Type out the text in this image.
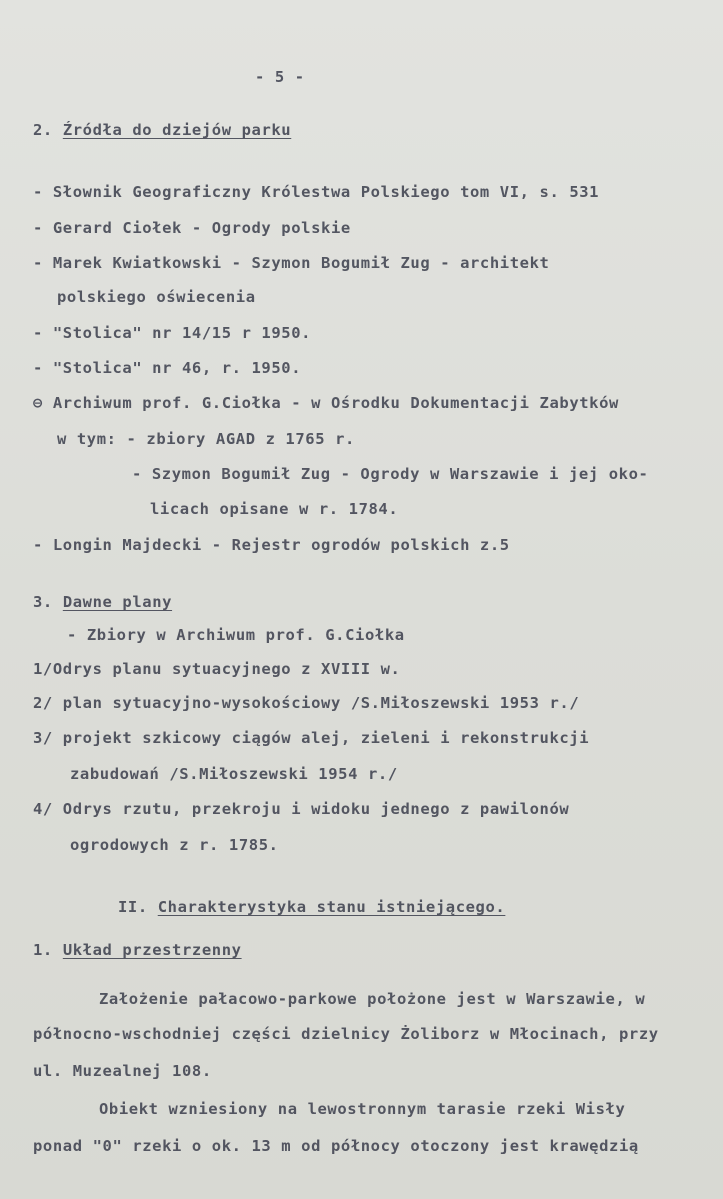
- 5 -
2. Źródła do dziejów parku
- Słownik Geograficzny Królestwa Polskiego tom VI, s. 531
- Gerard Ciołek - Ogrody polskie
- Marek Kwiatkowski - Szymon Bogumił Zug - architekt
polskiego oświecenia
- "Stolica" nr 14/15 r 1950.
- "Stolica" nr 46, r. 1950.
⊖ Archiwum prof. G.Ciołka - w Ośrodku Dokumentacji Zabytków
w tym: - zbiory AGAD z 1765 r.
- Szymon Bogumił Zug - Ogrody w Warszawie i jej oko-
licach opisane w r. 1784.
- Longin Majdecki - Rejestr ogrodów polskich z.5
3. Dawne plany
- Zbiory w Archiwum prof. G.Ciołka
1/Odrys planu sytuacyjnego z XVIII w.
2/ plan sytuacyjno-wysokościowy /S.Miłoszewski 1953 r./
3/ projekt szkicowy ciągów alej, zieleni i rekonstrukcji
zabudowań /S.Miłoszewski 1954 r./
4/ Odrys rzutu, przekroju i widoku jednego z pawilonów
ogrodowych z r. 1785.
II. Charakterystyka stanu istniejącego.
1. Układ przestrzenny
Założenie pałacowo-parkowe położone jest w Warszawie, w
północno-wschodniej części dzielnicy Żoliborz w Młocinach, przy
ul. Muzealnej 108.
Obiekt wzniesiony na lewostronnym tarasie rzeki Wisły
ponad "0" rzeki o ok. 13 m od północy otoczony jest krawędzią
